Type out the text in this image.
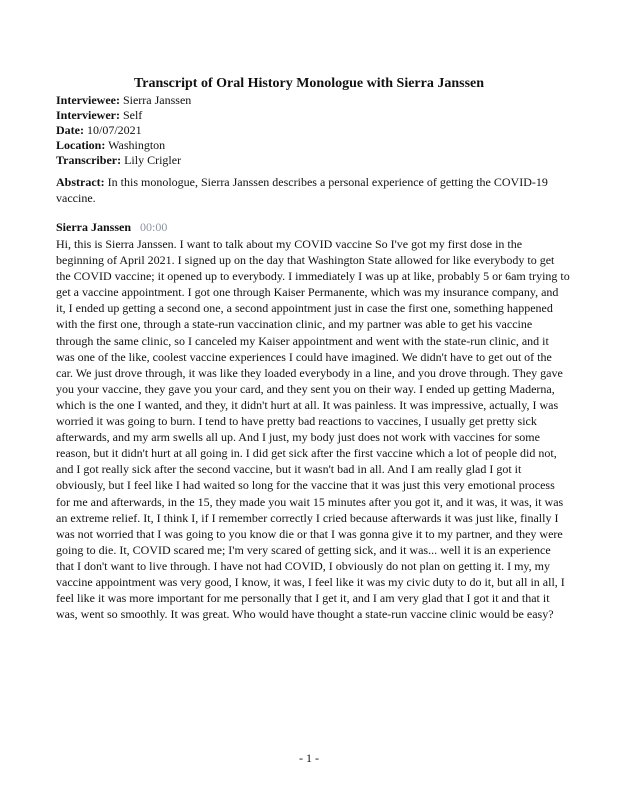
Transcript of Oral History Monologue with Sierra Janssen
Interviewee: Sierra Janssen
Interviewer: Self
Date: 10/07/2021
Location: Washington
Transcriber: Lily Crigler
Abstract: In this monologue, Sierra Janssen describes a personal experience of getting the COVID-19 vaccine.
Sierra Janssen 00:00

Hi, this is Sierra Janssen. I want to talk about my COVID vaccine So I've got my first dose in the beginning of April 2021. I signed up on the day that Washington State allowed for like everybody to get the COVID vaccine; it opened up to everybody. I immediately I was up at like, probably 5 or 6am trying to get a vaccine appointment. I got one through Kaiser Permanente, which was my insurance company, and it, I ended up getting a second one, a second appointment just in case the first one, something happened with the first one, through a state-run vaccination clinic, and my partner was able to get his vaccine through the same clinic, so I canceled my Kaiser appointment and went with the state-run clinic, and it was one of the like, coolest vaccine experiences I could have imagined. We didn't have to get out of the car. We just drove through, it was like they loaded everybody in a line, and you drove through. They gave you your vaccine, they gave you your card, and they sent you on their way. I ended up getting Maderna, which is the one I wanted, and they, it didn't hurt at all. It was painless. It was impressive, actually, I was worried it was going to burn. I tend to have pretty bad reactions to vaccines, I usually get pretty sick afterwards, and my arm swells all up. And I just, my body just does not work with vaccines for some reason, but it didn't hurt at all going in. I did get sick after the first vaccine which a lot of people did not, and I got really sick after the second vaccine, but it wasn't bad in all. And I am really glad I got it obviously, but I feel like I had waited so long for the vaccine that it was just this very emotional process for me and afterwards, in the 15, they made you wait 15 minutes after you got it, and it was, it was, it was an extreme relief. It, I think I, if I remember correctly I cried because afterwards it was just like, finally I was not worried that I was going to you know die or that I was gonna give it to my partner, and they were going to die. It, COVID scared me; I'm very scared of getting sick, and it was... well it is an experience that I don't want to live through. I have not had COVID, I obviously do not plan on getting it. I my, my vaccine appointment was very good, I know, it was, I feel like it was my civic duty to do it, but all in all, I feel like it was more important for me personally that I get it, and I am very glad that I got it and that it was, went so smoothly. It was great. Who would have thought a state-run vaccine clinic would be easy?

- 1 -
